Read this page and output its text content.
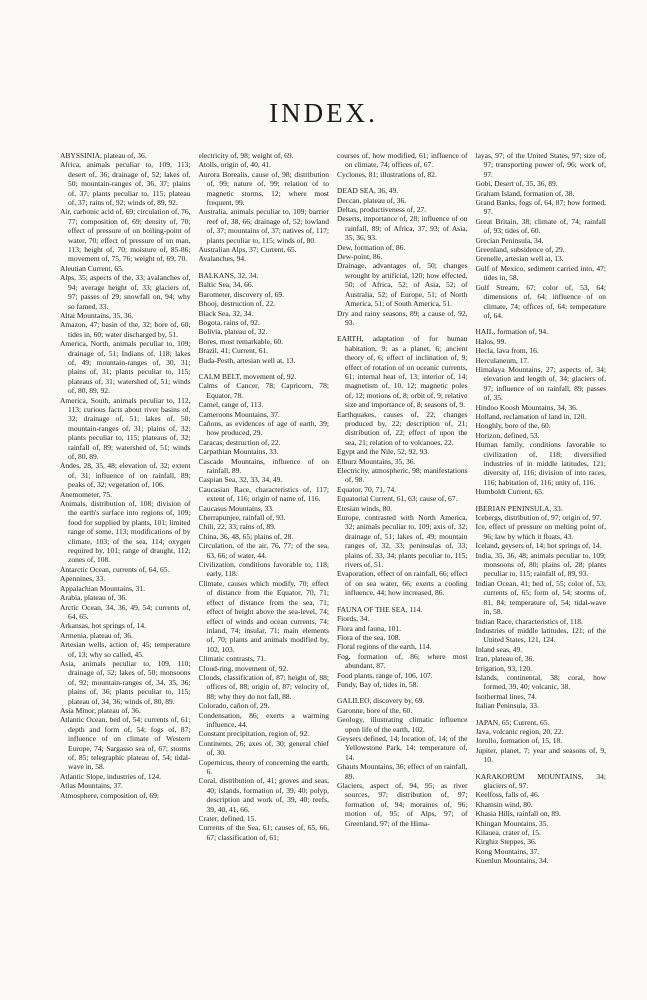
INDEX.

ABYSSINIA, plateau of, 36.

Africa, animals peculiar to, 109, 113; desert of, 36; drainage of, 52; lakes of, 50; mountain-ranges of, 36, 37; plains of, 37; plants peculiar to, 115; plateau of, 37; rains of, 92; winds of, 89, 92.

Air, carbonic acid of, 69; circulation of, 76, 77; composition of, 69; density of, 70; effect of pressure of on boiling-point of water, 70; effect of pressure of on man, 113; height of, 70; moisture of, 85-86; movement of, 75, 76; weight of, 69, 70.

Aleutian Current, 65.

Alps, 35; aspects of the, 33; avalanches of, 94; average height of, 33; glaciers of, 97; passes of 29; snowfall on, 94; why so famed, 33.

Altai Mountains, 35, 36.

Amazon, 47; basin of the, 32; bore of, 60; tides in, 60; water discharged by, 51.

America, North, animals peculiar to, 109; drainage of, 51; Indians of, 118; lakes of, 49; mountain-ranges of, 30, 31; plains of, 31; plants peculiar to, 115; plateaus of, 31; watershed of, 51; winds of, 80, 89, 92.

America, South, animals peculiar to, 112, 113; curious facts about river basins of, 32; drainage of, 51; lakes of, 50; mountain-ranges of, 31; plains of, 32; plants peculiar to, 115; plateaus of, 32; rainfall of, 89; watershed of, 51; winds of, 80, 89.

Andes, 28, 35, 48; elevation of, 32; extent of, 31; influence of on rainfall, 89; peaks of, 32; vegetation of, 106.

Anemometer, 75.

Animals, distribution of, 108; division of the earth's surface into regions of, 109; food for supplied by plants, 101; limited range of some, 113; modifications of by climate, 103; of the sea, 114; oxygen required by, 101; range of draught, 112; zones of, 108.

Antarctic Ocean, currents of, 64, 65.

Apennines, 33.

Appalachian Mountains, 31.

Arabia, plateau of, 36.

Arctic Ocean, 34, 36, 49, 54; currents of, 64, 65.

Arkansas, hot springs of, 14.

Armenia, plateau of, 36.

Artesian wells, action of, 45; temperature of, 13; why so called, 45.

Asia, animals peculiar to, 109, 110; drainage of, 52; lakes of, 50; monsoons of, 92; mountain-ranges of, 34, 35, 36; plains of, 36; plants peculiar to, 115; plateau of, 34, 36; winds of, 80, 89.

Asia Minor, plateau of, 36.

Atlantic Ocean, bed of, 54; currents of, 61; depth and form of, 54; fogs of, 87; influence of on climate of Western Europe, 74; Sargasso sea of, 67; storms of, 85; telegraphic plateau of, 54; tidal-wave in, 58.

Atlantic Slope, industries of, 124.

Atlas Mountains, 37.

Atmosphere, composition of, 69;

electricity of, 98; weight of, 69.

Atolls, origin of, 40, 41.

Aurora Borealis, cause of, 98; distribution of, 99; nature of, 99; relation of to magnetic storms, 12; where most frequent, 99.

Australia, animals peculiar to, 109; barrier reef of, 38, 66; drainage of, 52; lowland of, 37; mountains of, 37; natives of, 117; plants peculiar to, 115; winds of, 80.

Australian Alps, 37; Current, 65.

Avalanches, 94.

BALKANS, 32, 34.

Baltic Sea, 34, 66.

Barometer, discovery of, 69.

Bhooj, destruction of, 22.

Black Sea, 32, 34.

Bogota, rains of, 92.

Bolivia, plateau of, 32.

Bores, most remarkable, 60.

Brazil, 41; Current, 61.

Buda-Pesth, artesian well at, 13.

CALM BELT, movement of, 92.

Calms of Cancer, 78; Capricorn, 78; Equator, 78.

Camel, range of, 113.

Cameroons Mountains, 37.

Cañons, as evidences of age of earth, 39; how produced, 29.

Caracas, destruction of, 22.

Carpathian Mountains, 33.

Cascade Mountains, influence of on rainfall, 89.

Caspian Sea, 32, 33, 34, 49.

Caucasian Race, characteristics of, 117; extent of, 116; origin of name of, 116.

Caucasus Mountains, 33.

Cherrapunjee, rainfall of, 93.

Chili, 22, 33; rains of, 89.

China, 36, 48, 65; plains of, 28.

Circulation, of the air, 76, 77; of the sea, 63, 66; of water, 44.

Civilization, conditions favorable to, 118; early, 118.

Climate, causes which modify, 70; effect of distance from the Equator, 70, 71; effect of distance from the sea, 71; effect of height above the sea-level, 74; effect of winds and ocean currents, 74; inland, 74; insular, 71; main elements of, 70; plants and animals modified by, 102, 103.

Climatic contrasts, 71.

Cloud-ring, movement of, 92.

Clouds, classification of, 87; height of, 88; offices of, 88; origin of, 87; velocity of, 88; why they do not fall, 88.

Colorado, cañon of, 29.

Condensation, 86; exerts a warming influence, 44.

Constant precipitation, region of, 92.

Continents, 26; axes of, 30; general chief of, 30.

Copernicus, theory of concerning the earth, 6.

Coral, distribution of, 41; groves and seas, 40; islands, formation of, 39, 40; polyp, description and work of, 39, 40; reefs, 39, 40, 41, 66.

Crater, defined, 15.

Currents of the Sea, 61; causes of, 65, 66, 67; classification of, 61;

courses of, how modified, 61; influence of on climate, 74; offices of, 67.

Cyclones, 81; illustrations of, 82.

DEAD SEA, 36, 49.

Deccan, plateau of, 36.

Deltas, productiveness of, 27.

Deserts, importance of, 28; influence of on rainfall, 89; of Africa, 37, 93; of Asia, 35, 36, 93.

Dew, formation of, 86.

Dew-point, 86.

Drainage, advantages of, 50; changes wrought by artificial, 120; how effected, 50; of Africa, 52; of Asia, 52; of Australia, 52; of Europe, 51; of North America, 51; of South America, 51.

Dry and rainy seasons, 89; a cause of, 92, 93.

EARTH, adaptation of for human habitation, 9; as a planet, 6; ancient theory of, 6; effect of inclination of, 9; effect of rotation of on oceanic currents, 61; internal heat of, 13; interior of, 14; magnetism of, 10, 12; magnetic poles of, 12; motions of, 8; orbit of, 9; relative size and importance of, 8; seasons of, 9.

Earthquakes, causes of, 22; changes produced by, 22; description of, 21; distribution of, 22; effect of upon the sea, 21; relation of to volcanoes, 22.

Egypt and the Nile, 52, 92, 93.

Elburz Mountains, 35, 36.

Electricity, atmospheric, 98; manifestations of, 98.

Equator, 70, 71, 74.

Equatorial Current, 61, 63; cause of, 67.

Etesian winds, 80.

Europe, contrasted with North America, 32; animals peculiar to, 109; axis of, 32; drainage of, 51; lakes of, 49; mountain ranges of, 32, 33; peninsulas of, 33; plains of, 33, 34; plants peculiar to, 115; rivers of, 51.

Evaporation, effect of on rainfall, 66; effect of on sea water, 66; exerts a cooling influence, 44; how increased, 86.

FAUNA OF THE SEA, 114.

Fiords, 34.

Flora and fauna, 101.

Flora of the sea, 108.

Floral regions of the earth, 114.

Fog, formation of, 86; where most abundant, 87.

Food plants, range of, 106, 107.

Fundy, Bay of, tides in, 58.

GALILEO, discovery by, 69.

Garonne, bore of the, 60.

Geology, illustrating climatic influence upon life of the earth, 102.

Geysers defined, 14; location of, 14; of the Yellowstone Park, 14; temperature of, 14.

Ghauts Mountains, 36; effect of on rainfall, 89.

Glaciers, aspect of, 94, 95; as river sources, 97; distribution of, 97; formation of, 94; moraines of, 96; motion of, 95; of Alps, 97; of Greenland, 97; of the Hima-

layas, 97; of the United States, 97; size of, 97; transporting power of, 96; work of, 97.

Gobi, Desert of, 35, 36, 89.

Graham Island, formation of, 38.

Grand Banks, fogs of, 64, 87; how formed, 97.

Great Britain, 38; climate of, 74; rainfall of, 93; tides of, 60.

Grecian Peninsula, 34.

Greenland, subsidence of, 29.

Grenelle, artesian well at, 13.

Gulf of Mexico, sediment carried into, 47; tides in, 58.

Gulf Stream, 67; color of, 53, 64; dimensions of, 64; influence of on climate, 74; offices of, 64; temperature of, 64.

HAIL, formation of, 94.

Halos, 99.

Hecla, lava from, 16.

Herculaneum, 17.

Himalaya Mountains, 27; aspects of, 34; elevation and length of, 34; glaciers of, 97; influence of on rainfall, 89; passes of, 35.

Hindoo Koosh Mountains, 34, 36.

Holland, reclamation of land in, 120.

Hooghly, bore of the, 60.

Horizon, defined, 53.

Human family, conditions favorable to civilization of, 118; diversified industries of in middle latitudes, 121; diversity of, 116; division of into races, 116; habitation of, 116; unity of, 116.

Humboldt Current, 65.

IBERIAN PENINSULA, 33.

Icebergs, distribution of, 97; origin of, 97.

Ice, effect of pressure on melting point of, 96; law by which it floats, 43.

Iceland, geysers of, 14; hot springs of, 14.

India, 35, 36, 48; animals peculiar to, 109; monsoons of, 80; plains of, 28; plants peculiar to, 115; rainfall of, 89, 93.

Indian Ocean, 41; bed of, 55; color of, 53; currents of, 65; form of, 54; storms of, 81, 84; temperature of, 54; tidal-wave in, 58.

Indian Race, characteristics of, 118.

Industries of middle latitudes, 121; of the United States, 121, 124.

Inland seas, 49.

Iran, plateau of, 36.

Irrigation, 93, 120.

Islands, continental, 38; coral, how formed, 39, 40; volcanic, 38.

Isothermal lines, 74.

Italian Peninsula, 33.

JAPAN, 65; Current, 65.

Java, volcanic region, 20, 22.

Jorullo, formation of, 15, 18.

Jupiter, planet, 7; year and seasons of, 9, 10.

KARAKORUM MOUNTAINS, 34; glaciers of, 97.

Keelfoss, falls of, 46.

Khamsin wind, 80.

Khasia Hills, rainfall on, 89.

Khingan Mountains, 35.

Kilauea, crater of, 15.

Kirghiz Steppes, 36.

Kong Mountains, 37.

Kuenlun Mountains, 34.
